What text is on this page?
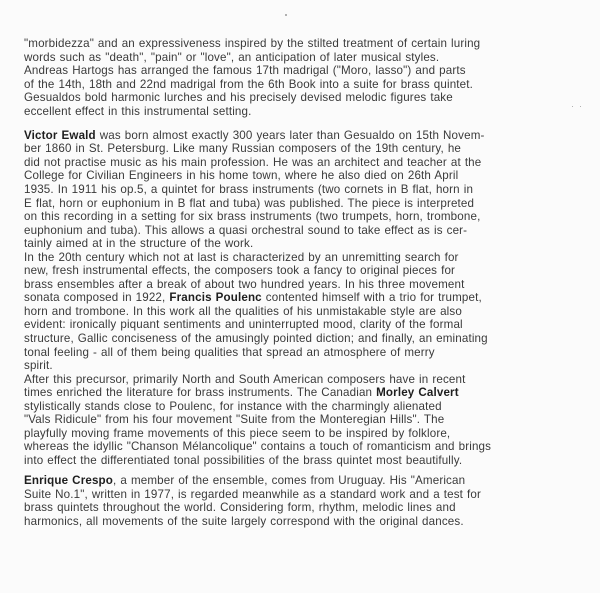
"morbidezza" and an expressiveness inspired by the stilted treatment of certain luring
words such as "death", "pain" or "love", an anticipation of later musical styles.
Andreas Hartogs has arranged the famous 17th madrigal ("Moro, lasso") and parts
of the 14th, 18th and 22nd madrigal from the 6th Book into a suite for brass quintet.
Gesualdos bold harmonic lurches and his precisely devised melodic figures take
eccellent effect in this instrumental setting.

Victor Ewald was born almost exactly 300 years later than Gesualdo on 15th Novem-
ber 1860 in St. Petersburg. Like many Russian composers of the 19th century, he
did not practise music as his main profession. He was an architect and teacher at the
College for Civilian Engineers in his home town, where he also died on 26th April
1935. In 1911 his op.5, a quintet for brass instruments (two cornets in B flat, horn in
E flat, horn or euphonium in B flat and tuba) was published. The piece is interpreted
on this recording in a setting for six brass instruments (two trumpets, horn, trombone,
euphonium and tuba). This allows a quasi orchestral sound to take effect as is cer-
tainly aimed at in the structure of the work.
In the 20th century which not at last is characterized by an unremitting search for
new, fresh instrumental effects, the composers took a fancy to original pieces for
brass ensembles after a break of about two hundred years. In his three movement
sonata composed in 1922, Francis Poulenc contented himself with a trio for trumpet,
horn and trombone. In this work all the qualities of his unmistakable style are also
evident: ironically piquant sentiments and uninterrupted mood, clarity of the formal
structure, Gallic conciseness of the amusingly pointed diction; and finally, an eminating
tonal feeling - all of them being qualities that spread an atmosphere of merry
spirit.
After this precursor, primarily North and South American composers have in recent
times enriched the literature for brass instruments. The Canadian Morley Calvert
stylistically stands close to Poulenc, for instance with the charmingly alienated
"Vals Ridicule" from his four movement "Suite from the Monteregian Hills". The
playfully moving frame movements of this piece seem to be inspired by folklore,
whereas the idyllic "Chanson Mélancolique" contains a touch of romanticism and brings
into effect the differentiated tonal possibilities of the brass quintet most beautifully.

Enrique Crespo, a member of the ensemble, comes from Uruguay. His "American
Suite No.1", written in 1977, is regarded meanwhile as a standard work and a test for
brass quintets throughout the world. Considering form, rhythm, melodic lines and
harmonics, all movements of the suite largely correspond with the original dances.
